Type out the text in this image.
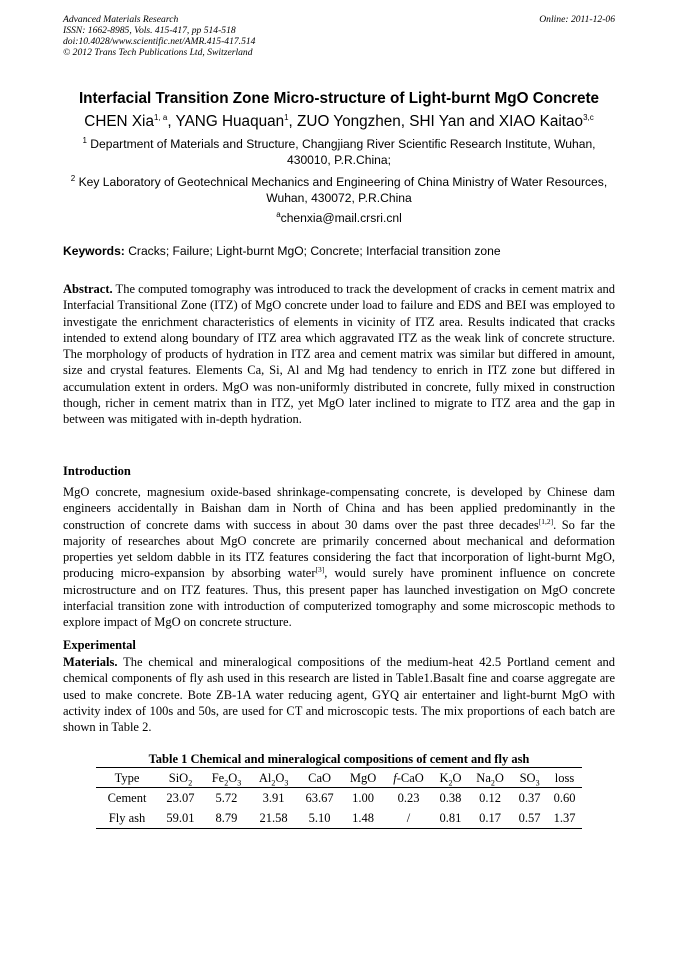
Advanced Materials Research
ISSN: 1662-8985, Vols. 415-417, pp 514-518
doi:10.4028/www.scientific.net/AMR.415-417.514
© 2012 Trans Tech Publications Ltd, Switzerland
Online: 2011-12-06
Interfacial Transition Zone Micro-structure of Light-burnt MgO Concrete
CHEN Xia$^{1, a}$, YANG Huaquan$^1$, ZUO Yongzhen, SHI Yan and XIAO Kaitao$^{3,c}$
$^1$ Department of Materials and Structure, Changjiang River Scientific Research Institute, Wuhan, 430010, P.R.China;
$^2$ Key Laboratory of Geotechnical Mechanics and Engineering of China Ministry of Water Resources, Wuhan, 430072, P.R.China
$^a$chenxia@mail.crsri.cnl
Keywords: Cracks; Failure; Light-burnt MgO; Concrete; Interfacial transition zone
Abstract. The computed tomography was introduced to track the development of cracks in cement matrix and Interfacial Transitional Zone (ITZ) of MgO concrete under load to failure and EDS and BEI was employed to investigate the enrichment characteristics of elements in vicinity of ITZ area. Results indicated that cracks intended to extend along boundary of ITZ area which aggravated ITZ as the weak link of concrete structure. The morphology of products of hydration in ITZ area and cement matrix was similar but differed in amount, size and crystal features. Elements Ca, Si, Al and Mg had tendency to enrich in ITZ zone but differed in accumulation extent in orders. MgO was non-uniformly distributed in concrete, fully mixed in construction though, richer in cement matrix than in ITZ, yet MgO later inclined to migrate to ITZ area and the gap in between was mitigated with in-depth hydration.
Introduction
MgO concrete, magnesium oxide-based shrinkage-compensating concrete, is developed by Chinese dam engineers accidentally in Baishan dam in North of China and has been applied predominantly in the construction of concrete dams with success in about 30 dams over the past three decades[1,2]. So far the majority of researches about MgO concrete are primarily concerned about mechanical and deformation properties yet seldom dabble in its ITZ features considering the fact that incorporation of light-burnt MgO, producing micro-expansion by absorbing water[3], would surely have prominent influence on concrete microstructure and on ITZ features. Thus, this present paper has launched investigation on MgO concrete interfacial transition zone with introduction of computerized tomography and some microscopic methods to explore impact of MgO on concrete structure.
Experimental
Materials. The chemical and mineralogical compositions of the medium-heat 42.5 Portland cement and chemical components of fly ash used in this research are listed in Table1.Basalt fine and coarse aggregate are used to make concrete. Bote ZB-1A water reducing agent, GYQ air entertainer and light-burnt MgO with activity index of 100s and 50s, are used for CT and microscopic tests. The mix proportions of each batch are shown in Table 2.
Table 1 Chemical and mineralogical compositions of cement and fly ash
Type	SiO$_2$	$Fe_2O_3$	$Al_2O_3$	CaO	MgO	f-CaO	$K_2O$	$Na_2O$	$SO_3$	loss
Cement	23.07	5.72	3.91	63.67	1.00	0.23	0.38	0.12	0.37	0.60
Fly ash	59.01	8.79	21.58	5.10	1.48	/	0.81	0.17	0.57	1.37
